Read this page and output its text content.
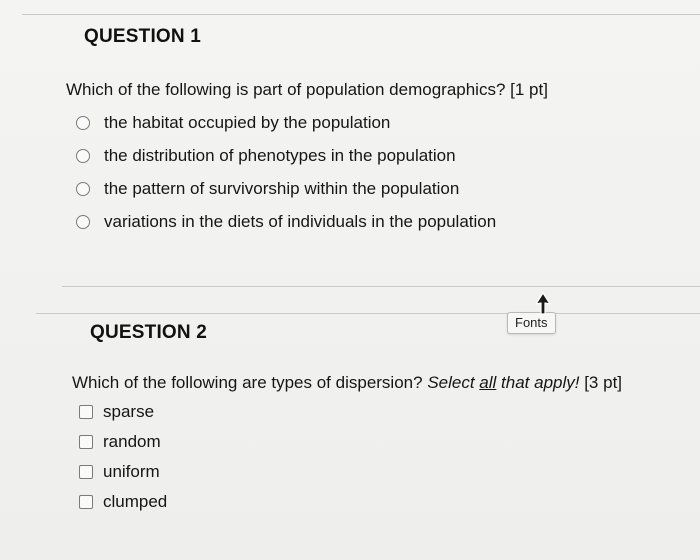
QUESTION 1

Which of the following is part of population demographics? [1 pt]

the habitat occupied by the population
the distribution of phenotypes in the population
the pattern of survivorship within the population
variations in the diets of individuals in the population
Fonts
QUESTION 2

Which of the following are types of dispersion? Select all that apply! [3 pt]

sparse
random
uniform
clumped
